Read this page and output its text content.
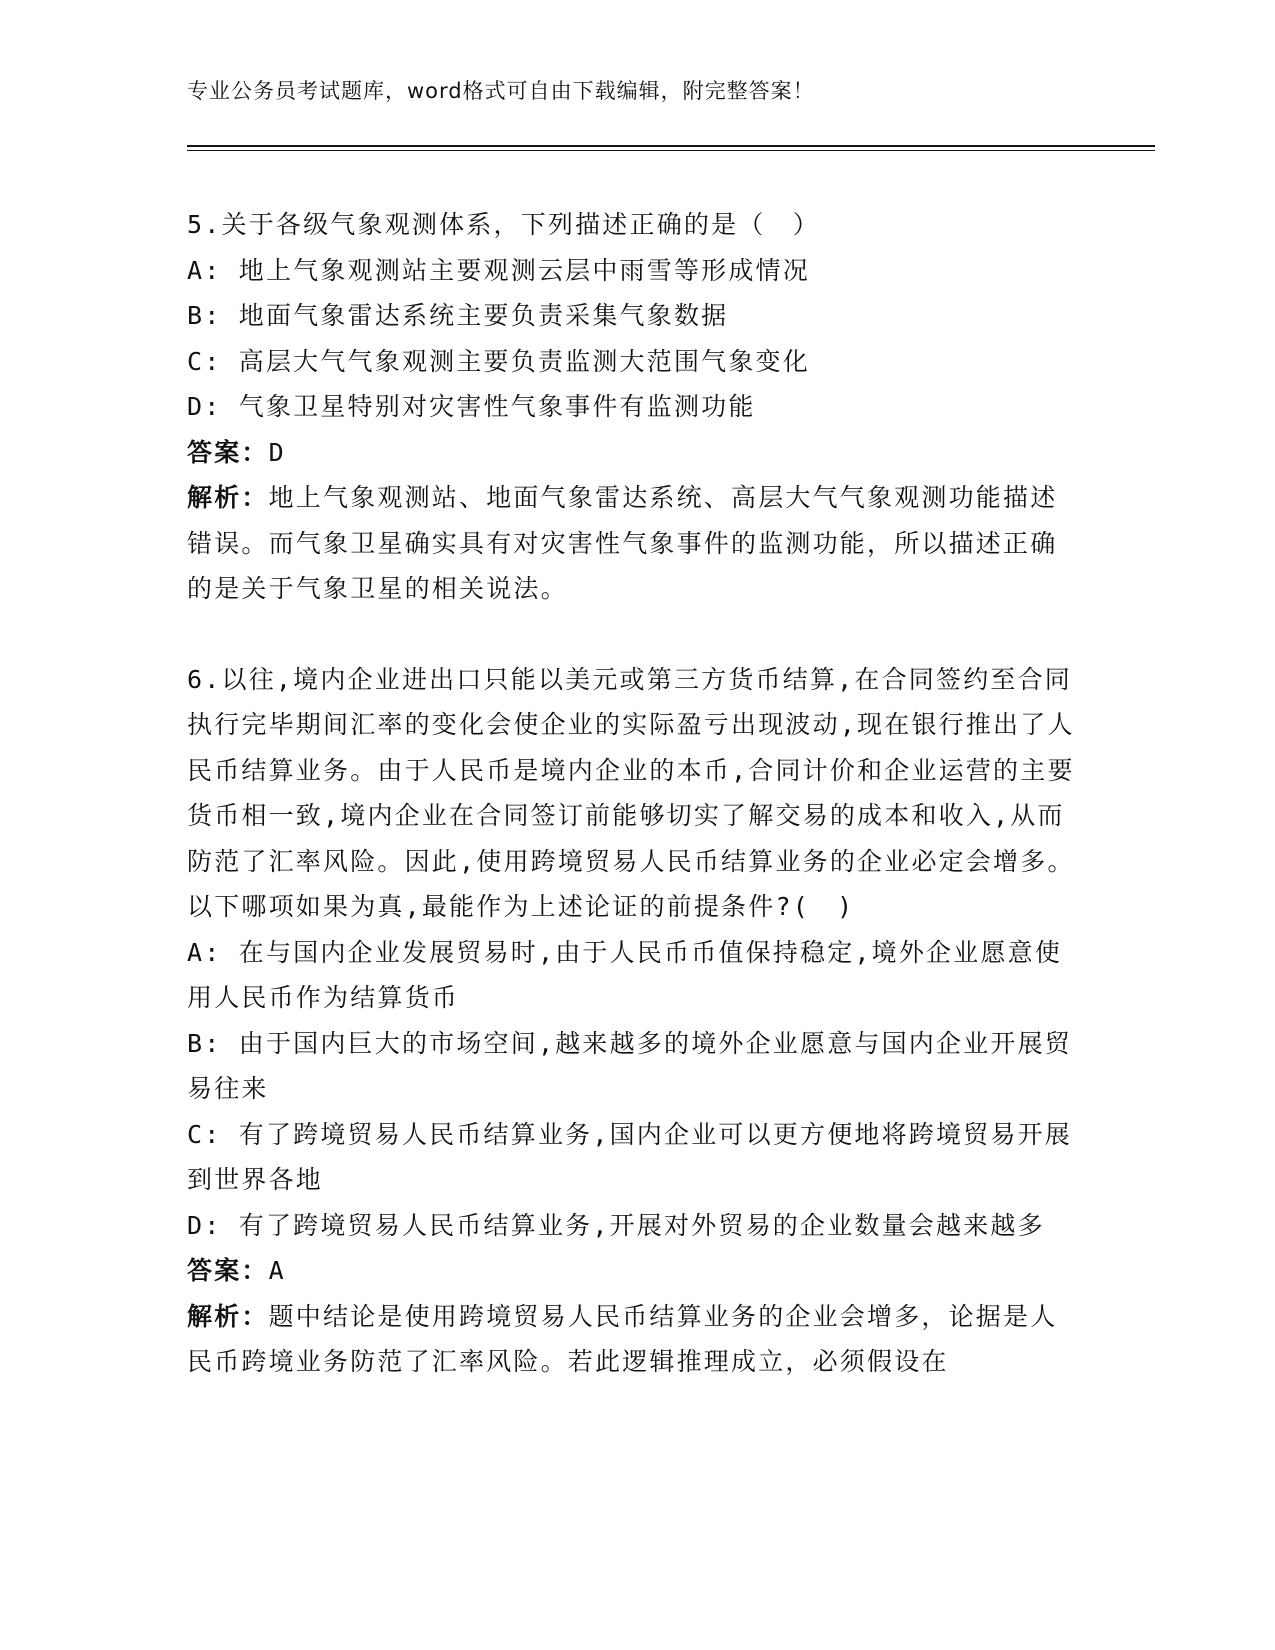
专业公务员考试题库，word格式可自由下载编辑，附完整答案！

5.关于各级气象观测体系，下列描述正确的是（　）

A: 地上气象观测站主要观测云层中雨雪等形成情况

B: 地面气象雷达系统主要负责采集气象数据

C: 高层大气气象观测主要负责监测大范围气象变化

D: 气象卫星特别对灾害性气象事件有监测功能

答案：D

解析：地上气象观测站、地面气象雷达系统、高层大气气象观测功能描述错误。而气象卫星确实具有对灾害性气象事件的监测功能，所以描述正确的是关于气象卫星的相关说法。

6.以往,境内企业进出口只能以美元或第三方货币结算,在合同签约至合同执行完毕期间汇率的变化会使企业的实际盈亏出现波动,现在银行推出了人民币结算业务。由于人民币是境内企业的本币,合同计价和企业运营的主要货币相一致,境内企业在合同签订前能够切实了解交易的成本和收入,从而防范了汇率风险。因此,使用跨境贸易人民币结算业务的企业必定会增多。以下哪项如果为真,最能作为上述论证的前提条件?(　)

A: 在与国内企业发展贸易时,由于人民币币值保持稳定,境外企业愿意使用人民币作为结算货币

B: 由于国内巨大的市场空间,越来越多的境外企业愿意与国内企业开展贸易往来

C: 有了跨境贸易人民币结算业务,国内企业可以更方便地将跨境贸易开展到世界各地

D: 有了跨境贸易人民币结算业务,开展对外贸易的企业数量会越来越多

答案：A

解析：题中结论是使用跨境贸易人民币结算业务的企业会增多，论据是人民币跨境业务防范了汇率风险。若此逻辑推理成立，必须假设在
